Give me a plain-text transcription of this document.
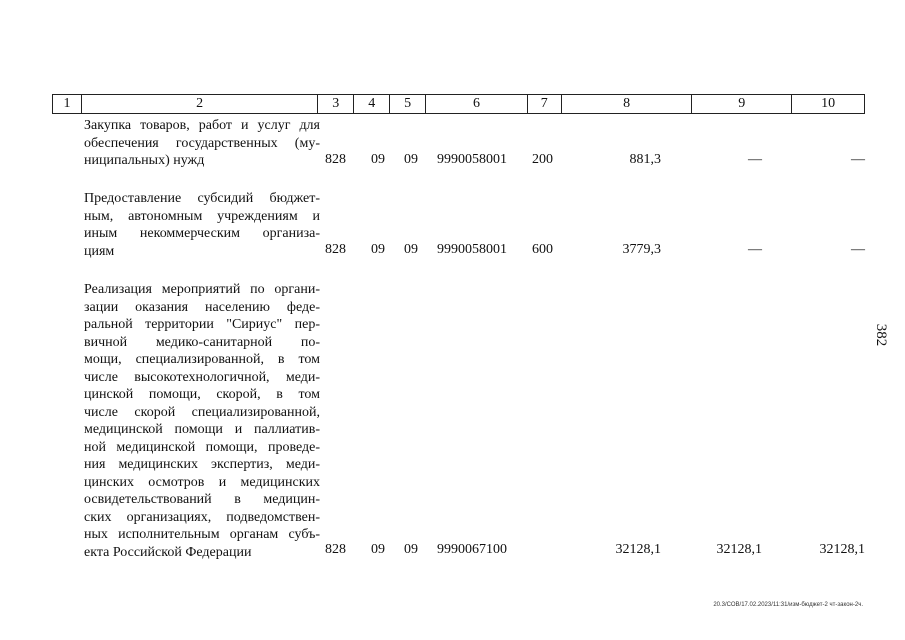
1	2	3	4	5	6	7	8	9	10
Закупка товаров, работ и услуг для
обеспечения государственных (му-
ниципальных) нужд	828 09 09 9990058001 200	881,3	—	—
Предоставление субсидий бюджет-
ным, автономным учреждениям и
иным некоммерческим организа-
циям	828 09 09 9990058001 600	3779,3	—	—
Реализация мероприятий по органи-
зации оказания населению феде-
ральной территории "Сириус" пер-
вичной медико-санитарной по-
мощи, специализированной, в том
числе высокотехнологичной, меди-
цинской помощи, скорой, в том
числе скорой специализированной,
медицинской помощи и паллиатив-
ной медицинской помощи, проведе-
ния медицинских экспертиз, меди-
цинских осмотров и медицинских
освидетельствований в медицин-
ских организациях, подведомствен-
ных исполнительным органам субъ-
екта Российской Федерации	828 09 09 9990067100	32128,1	32128,1	32128,1
382
20.3/СОВ/17.02.2023/11:31/изм-бюджет-2 чт-закон-2ч.
